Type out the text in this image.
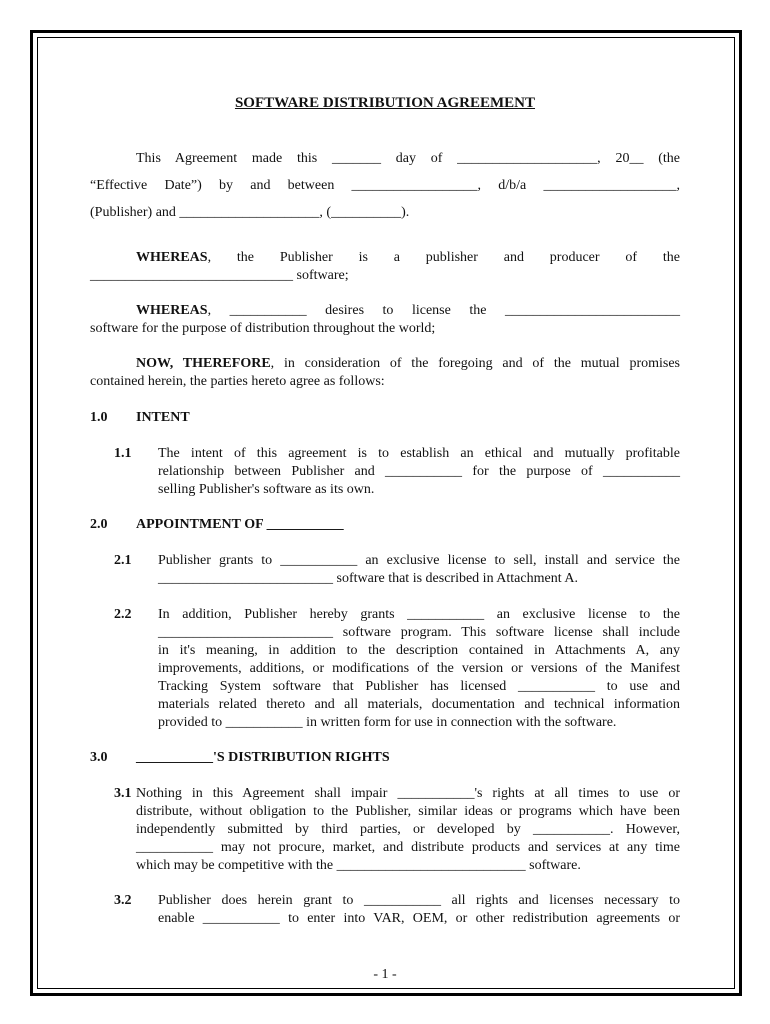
SOFTWARE DISTRIBUTION AGREEMENT
This Agreement made this _______ day of ____________________, 20__ (the
“Effective Date”) by and between __________________, d/b/a ___________________,
(Publisher) and ____________________, (__________).
WHEREAS, the Publisher is a publisher and producer of the
_____________________________ software;
WHEREAS, ___________ desires to license the _________________________
software for the purpose of distribution throughout the world;
NOW, THEREFORE, in consideration of the foregoing and of the mutual promises
contained herein, the parties hereto agree as follows:
1.0 INTENT
1.1 The intent of this agreement is to establish an ethical and mutually profitable
relationship between Publisher and ___________ for the purpose of ___________
selling Publisher's software as its own.
2.0 APPOINTMENT OF ___________
2.1 Publisher grants to ___________ an exclusive license to sell, install and service the
_________________________ software that is described in Attachment A.
2.2 In addition, Publisher hereby grants ___________ an exclusive license to the
_________________________ software program. This software license shall include
in it's meaning, in addition to the description contained in Attachments A, any
improvements, additions, or modifications of the version or versions of the Manifest
Tracking System software that Publisher has licensed ___________ to use and
materials related thereto and all materials, documentation and technical information
provided to ___________ in written form for use in connection with the software.
3.0 ___________'S DISTRIBUTION RIGHTS
3.1 Nothing in this Agreement shall impair ___________'s rights at all times to use or
distribute, without obligation to the Publisher, similar ideas or programs which have been
independently submitted by third parties, or developed by ___________. However,
___________ may not procure, market, and distribute products and services at any time
which may be competitive with the ___________________________ software.
3.2 Publisher does herein grant to ___________ all rights and licenses necessary to
enable ___________ to enter into VAR, OEM, or other redistribution agreements or
- 1 -
